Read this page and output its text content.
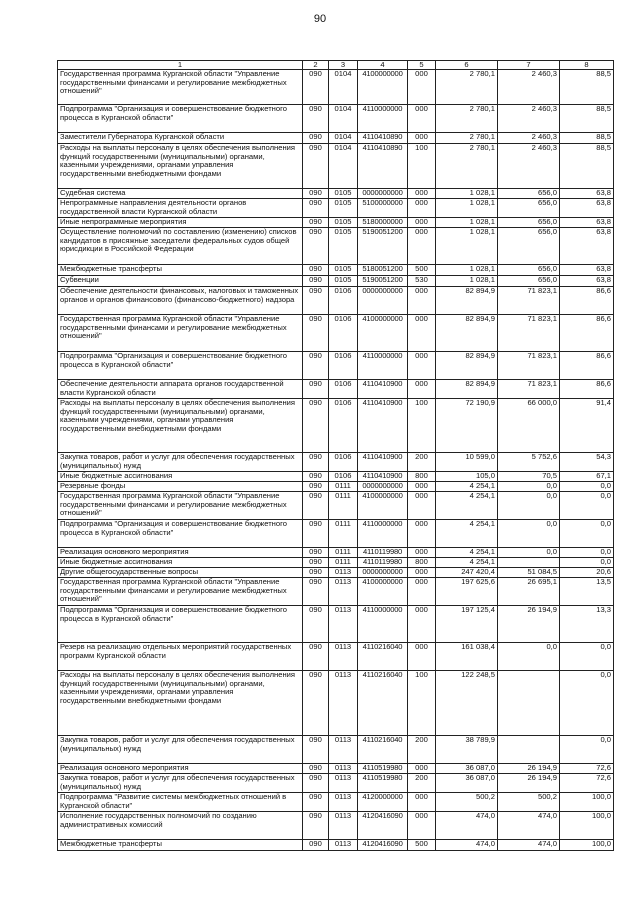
90
1	2	3	4	5	6	7	8
Государственная программа Курганской области "Управление государственными финансами и регулирование межбюджетных отношений"	090	0104	4100000000	000	2 780,1	2 460,3	88,5
Подпрограмма "Организация и совершенствование бюджетного процесса в Курганской области"	090	0104	4110000000	000	2 780,1	2 460,3	88,5
Заместители Губернатора Курганской области	090	0104	4110410890	000	2 780,1	2 460,3	88,5
Расходы на выплаты персоналу в целях обеспечения выполнения функций государственными (муниципальными) органами, казенными учреждениями, органами управления государственными внебюджетными фондами	090	0104	4110410890	100	2 780,1	2 460,3	88,5
Судебная система	090	0105	0000000000	000	1 028,1	656,0	63,8
Непрограммные направления деятельности органов государственной власти Курганской области	090	0105	5100000000	000	1 028,1	656,0	63,8
Иные непрограммные мероприятия	090	0105	5180000000	000	1 028,1	656,0	63,8
Осуществление полномочий по составлению (изменению) списков кандидатов в присяжные заседатели федеральных судов общей юрисдикции в Российской Федерации	090	0105	5190051200	000	1 028,1	656,0	63,8
Межбюджетные трансферты	090	0105	5180051200	500	1 028,1	656,0	63,8
Субвенции	090	0105	5190051200	530	1 028,1	656,0	63,8
Обеспечение деятельности финансовых, налоговых и таможенных органов и органов финансового (финансово-бюджетного) надзора	090	0106	0000000000	000	82 894,9	71 823,1	86,6
Государственная программа Курганской области "Управление государственными финансами и регулирование межбюджетных отношений"	090	0106	4100000000	000	82 894,9	71 823,1	86,6
Подпрограмма "Организация и совершенствование бюджетного процесса в Курганской области"	090	0106	4110000000	000	82 894,9	71 823,1	86,6
Обеспечение деятельности аппарата органов государственной власти Курганской области	090	0106	4110410900	000	82 894,9	71 823,1	86,6
Расходы на выплаты персоналу в целях обеспечения выполнения функций государственными (муниципальными) органами, казенными учреждениями, органами управления государственными внебюджетными фондами	090	0106	4110410900	100	72 190,9	66 000,0	91,4
Закупка товаров, работ и услуг для обеспечения государственных (муниципальных) нужд	090	0106	4110410900	200	10 599,0	5 752,6	54,3
Иные бюджетные ассигнования	090	0106	4110410900	800	105,0	70,5	67,1
Резервные фонды	090	0111	0000000000	000	4 254,1	0,0	0,0
Государственная программа Курганской области "Управление государственными финансами и регулирование межбюджетных отношений"	090	0111	4100000000	000	4 254,1	0,0	0,0
Подпрограмма "Организация и совершенствование бюджетного процесса в Курганской области"	090	0111	4110000000	000	4 254,1	0,0	0,0
Реализация основного мероприятия	090	0111	4110119980	000	4 254,1	0,0	0,0
Иные бюджетные ассигнования	090	0111	4110119980	800	4 254,1		0,0
Другие общегосударственные вопросы	090	0113	0000000000	000	247 420,4	51 084,5	20,6
Государственная программа Курганской области "Управление государственными финансами и регулирование межбюджетных отношений"	090	0113	4100000000	000	197 625,6	26 695,1	13,5
Подпрограмма "Организация и совершенствование бюджетного процесса в Курганской области"	090	0113	4110000000	000	197 125,4	26 194,9	13,3
Резерв на реализацию отдельных мероприятий государственных программ Курганской области	090	0113	4110216040	000	161 038,4	0,0	0,0
Расходы на выплаты персоналу в целях обеспечения выполнения функций государственными (муниципальными) органами, казенными учреждениями, органами управления государственными внебюджетными фондами	090	0113	4110216040	100	122 248,5		0,0
Закупка товаров, работ и услуг для обеспечения государственных (муниципальных) нужд	090	0113	4110216040	200	38 789,9		0,0
Реализация основного мероприятия	090	0113	4110519980	000	36 087,0	26 194,9	72,6
Закупка товаров, работ и услуг для обеспечения государственных (муниципальных) нужд	090	0113	4110519980	200	36 087,0	26 194,9	72,6
Подпрограмма "Развитие системы межбюджетных отношений в Курганской области"	090	0113	4120000000	000	500,2	500,2	100,0
Исполнение государственных полномочий по созданию административных комиссий	090	0113	4120416090	000	474,0	474,0	100,0
Межбюджетные трансферты	090	0113	4120416090	500	474,0	474,0	100,0
